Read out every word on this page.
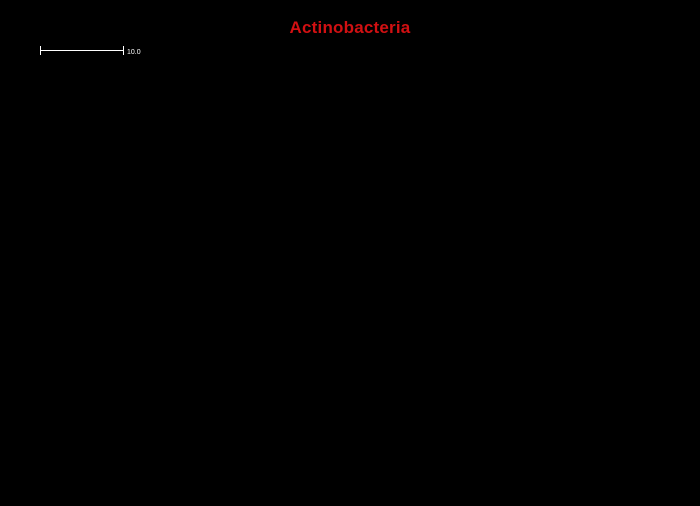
Actinobacteria
10.0
